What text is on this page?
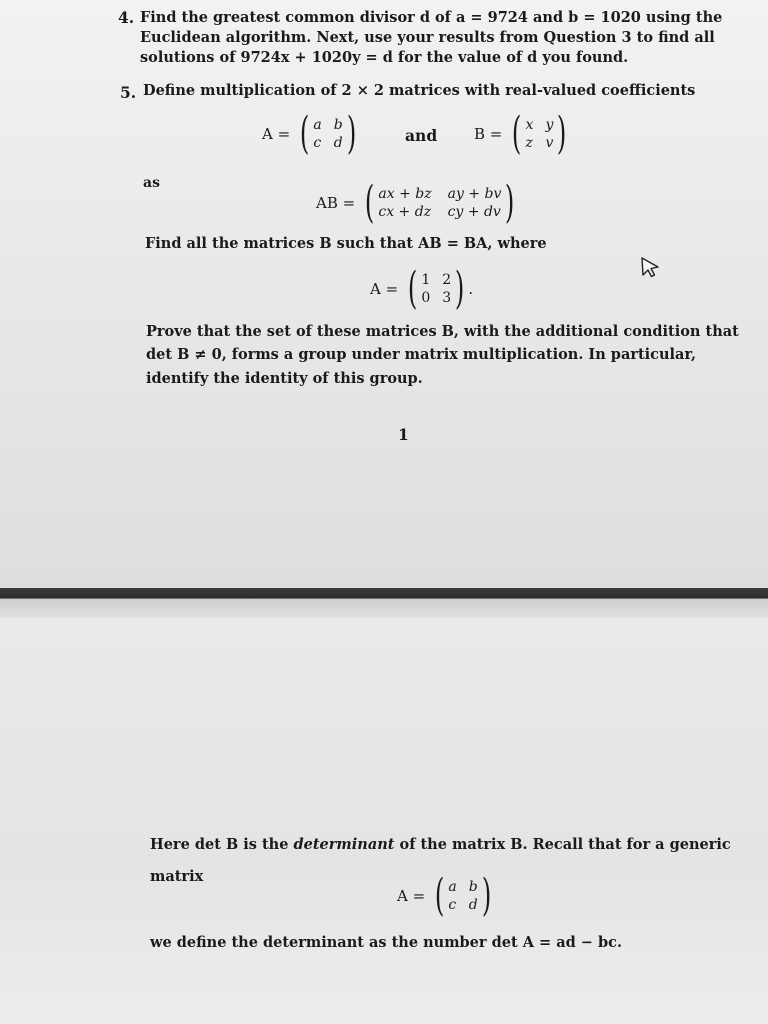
4. Find the greatest common divisor d of a = 9724 and b = 1020 using the
Euclidean algorithm. Next, use your results from Question 3 to find all
solutions of 9724x + 1020y = d for the value of d you found.
5. Define multiplication of 2 × 2 matrices with real-valued coefficients
A = ( a b
c d )	and B = ( x y
z v )
as
AB = ( ax + bz ay + bv
cx + dz cy + dv )
Find all the matrices B such that AB = BA, where
A = ( 1 2
0 3 ) .
Prove that the set of these matrices B, with the additional condition that
det B ≠ 0, forms a group under matrix multiplication. In particular,
identify the identity of this group.
1
Here det B is the determinant of the matrix B. Recall that for a generic
matrix
A = ( a b
c d )
we define the determinant as the number det A = ad − bc.
